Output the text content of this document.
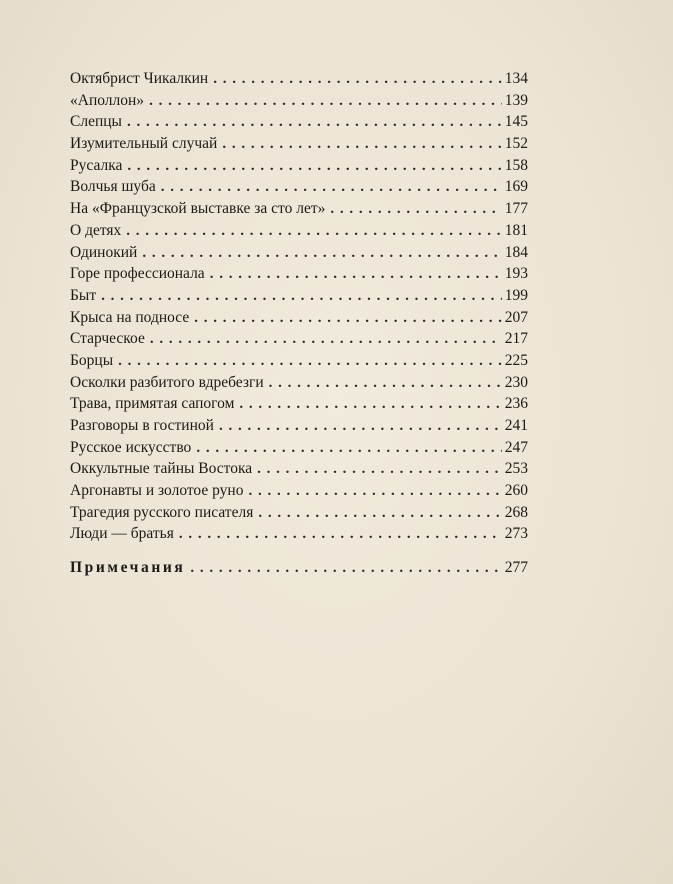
Октябрист Чикалкин . . .	134
«Аполлон» . . .	139
Слепцы . . .	145
Изумительный случай . . .	152
Русалка . . .	158
Волчья шуба . . .	169
На «Французской выставке за сто лет» . . .	177
О детях . . .	181
Одинокий . . .	184
Горе профессионала . . .	193
Быт . . .	199
Крыса на подносе . . .	207
Старческое . . .	217
Борцы . . .	225
Осколки разбитого вдребезги . . .	230
Трава, примятая сапогом . . .	236
Разговоры в гостиной . . .	241
Русское искусство . . .	247
Оккультные тайны Востока . . .	253
Аргонавты и золотое руно . . .	260
Трагедия русского писателя . . .	268
Люди — братья . . .	273
Примечания . . .	277
